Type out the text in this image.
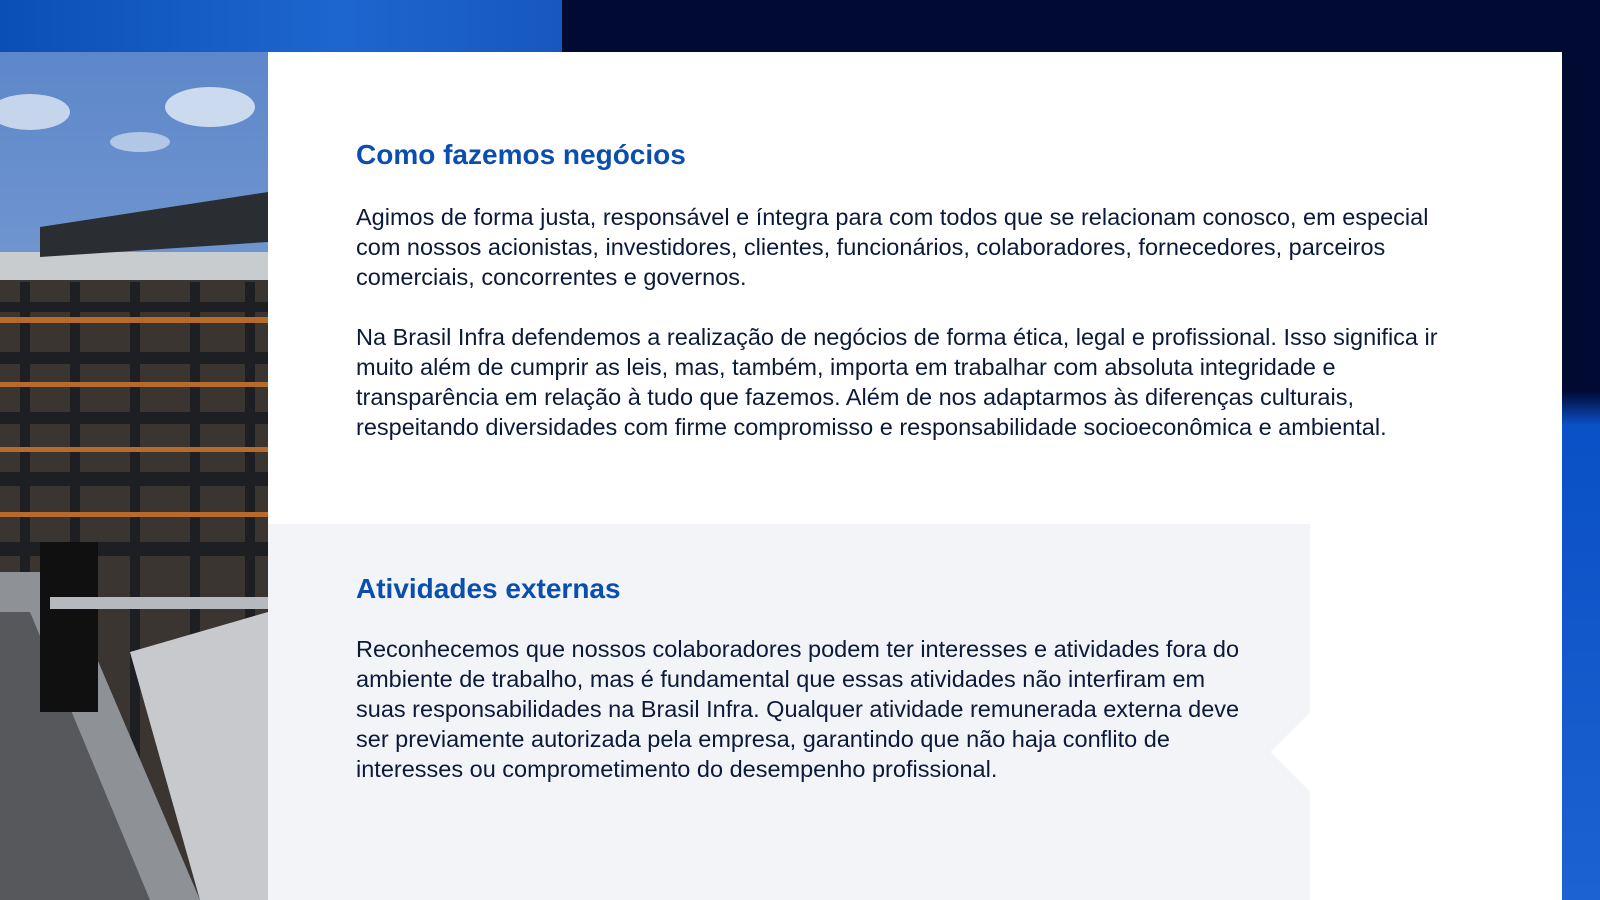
Como fazemos negócios

Agimos de forma justa, responsável e íntegra para com todos que se relacionam conosco, em especial com nossos acionistas, investidores, clientes, funcionários, colaboradores, fornecedores, parceiros comerciais, concorrentes e governos.

Na Brasil Infra defendemos a realização de negócios de forma ética, legal e profissional. Isso significa ir muito além de cumprir as leis, mas, também, importa em trabalhar com absoluta integridade e transparência em relação à tudo que fazemos. Além de nos adaptarmos às diferenças culturais, respeitando diversidades com firme compromisso e responsabilidade socioeconômica e ambiental.

Atividades externas

Reconhecemos que nossos colaboradores podem ter interesses e atividades fora do ambiente de trabalho, mas é fundamental que essas atividades não interfiram em suas responsabilidades na Brasil Infra. Qualquer atividade remunerada externa deve ser previamente autorizada pela empresa, garantindo que não haja conflito de interesses ou comprometimento do desempenho profissional.
